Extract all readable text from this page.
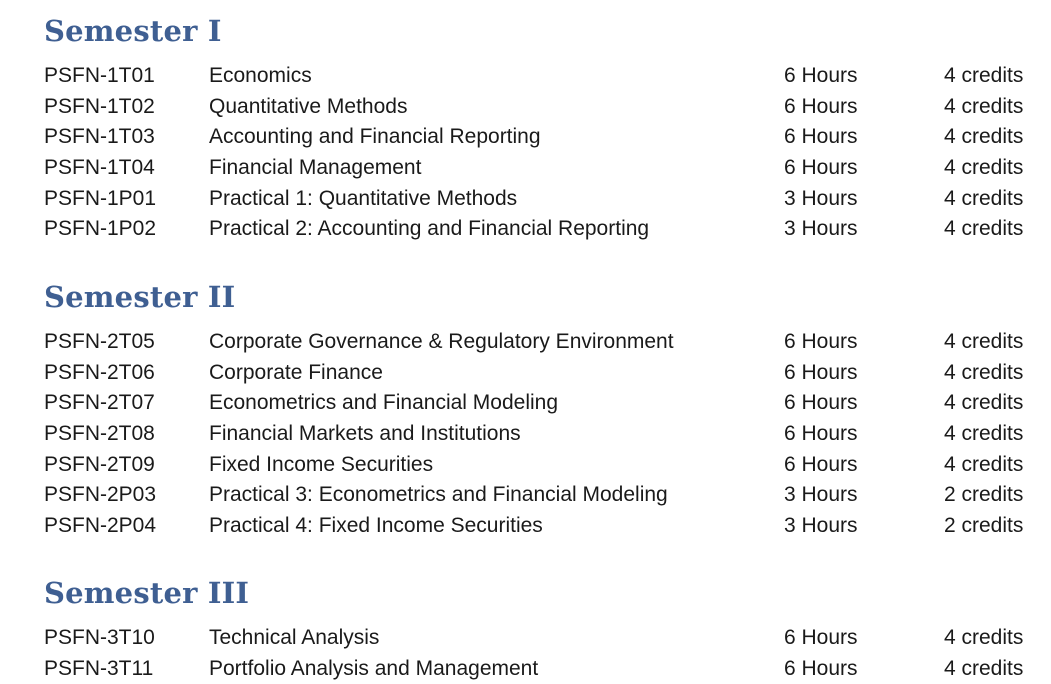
Semester I
PSFN-1T01	Economics	6 Hours	4 credits
PSFN-1T02	Quantitative Methods	6 Hours	4 credits
PSFN-1T03	Accounting and Financial Reporting	6 Hours	4 credits
PSFN-1T04	Financial Management	6 Hours	4 credits
PSFN-1P01	Practical 1: Quantitative Methods	3 Hours	4 credits
PSFN-1P02	Practical 2: Accounting and Financial Reporting	3 Hours	4 credits
Semester II
PSFN-2T05	Corporate Governance & Regulatory Environment	6 Hours	4 credits
PSFN-2T06	Corporate Finance	6 Hours	4 credits
PSFN-2T07	Econometrics and Financial Modeling	6 Hours	4 credits
PSFN-2T08	Financial Markets and Institutions	6 Hours	4 credits
PSFN-2T09	Fixed Income Securities	6 Hours	4 credits
PSFN-2P03	Practical 3: Econometrics and Financial Modeling	3 Hours	2 credits
PSFN-2P04	Practical 4: Fixed Income Securities	3 Hours	2 credits
Semester III
PSFN-3T10	Technical Analysis	6 Hours	4 credits
PSFN-3T11	Portfolio Analysis and Management	6 Hours	4 credits
